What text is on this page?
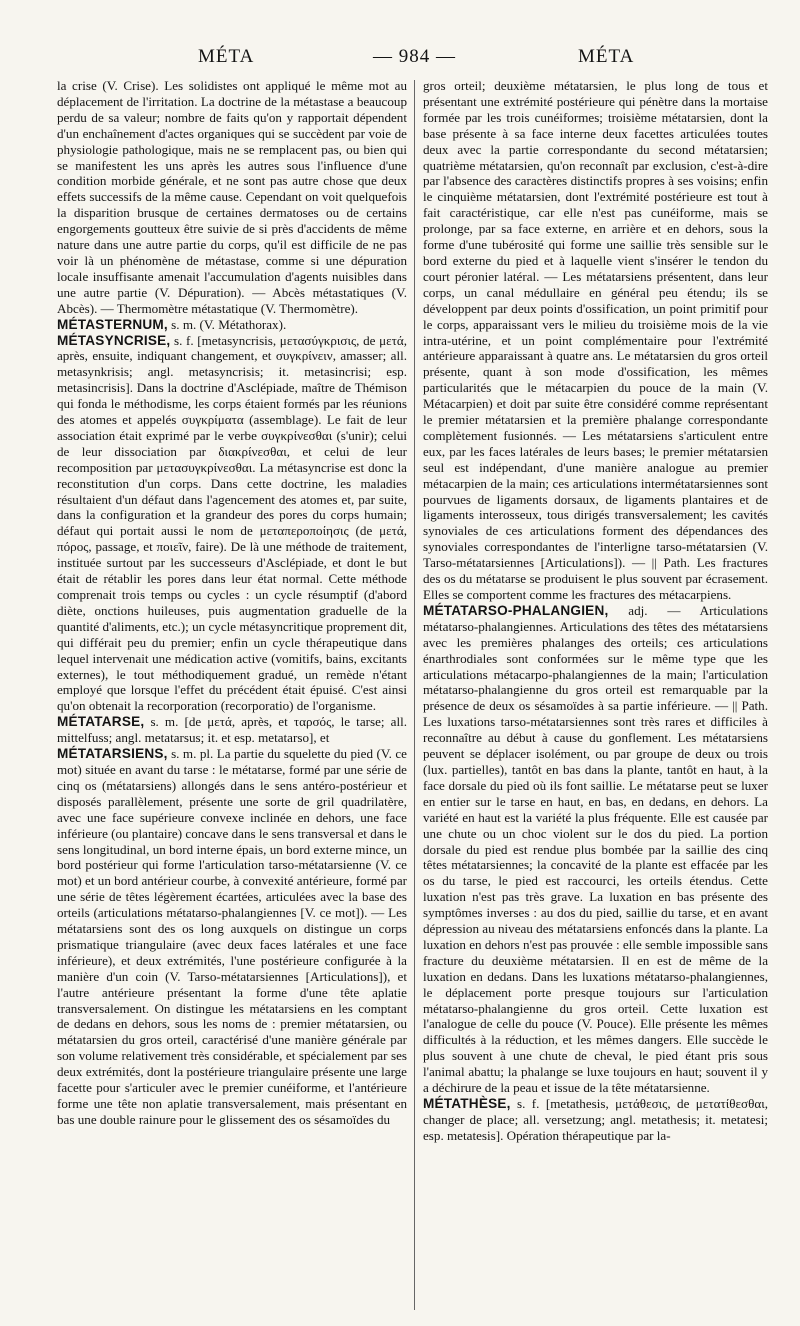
MÉTA	— 984 —	MÉTA

la crise (V. Crise). Les solidistes ont appliqué le même mot au déplacement de l'irritation. La doctrine de la métastase a beaucoup perdu de sa valeur; nombre de faits qu'on y rapportait dépendent d'un enchaînement d'actes organiques qui se succèdent par voie de physiologie pathologique, mais ne se remplacent pas, ou bien qui se manifestent les uns après les autres sous l'influence d'une condition morbide générale, et ne sont pas autre chose que deux effets successifs de la même cause. Cependant on voit quelquefois la disparition brusque de certaines dermatoses ou de certains engorgements goutteux être suivie de si près d'accidents de même nature dans une autre partie du corps, qu'il est difficile de ne pas voir là un phénomène de métastase, comme si une dépuration locale insuffisante amenait l'accumulation d'agents nuisibles dans une autre partie (V. Dépuration). — Abcès métastatiques (V. Abcès). — Thermomètre métastatique (V. Thermomètre).

MÉTASTERNUM, s. m. (V. Métathorax).

MÉTASYNCRISE, s. f. [metasyncrisis, μετασύγκρισις, de μετά, après, ensuite, indiquant changement, et συγκρίνειν, amasser; all. metasynkrisis; angl. metasyncrisis; it. metasincrisi; esp. metasincrisis]. Dans la doctrine d'Asclépiade, maître de Thémison qui fonda le méthodisme, les corps étaient formés par les réunions des atomes et appelés συγκρίματα (assemblage). Le fait de leur association était exprimé par le verbe συγκρίνεσθαι (s'unir); celui de leur dissociation par διακρίνεσθαι, et celui de leur recomposition par μετασυγκρίνεσθαι. La métasyncrise est donc la reconstitution d'un corps. Dans cette doctrine, les maladies résultaient d'un défaut dans l'agencement des atomes et, par suite, dans la configuration et la grandeur des pores du corps humain; défaut qui portait aussi le nom de μεταπεροποίησις (de μετά, πόρος, passage, et ποιεῖν, faire). De là une méthode de traitement, instituée surtout par les successeurs d'Asclépiade, et dont le but était de rétablir les pores dans leur état normal. Cette méthode comprenait trois temps ou cycles : un cycle résumptif (d'abord diète, onctions huileuses, puis augmentation graduelle de la quantité d'aliments, etc.); un cycle métasyncritique proprement dit, qui différait peu du premier; enfin un cycle thérapeutique dans lequel intervenait une médication active (vomitifs, bains, excitants externes), le tout méthodiquement gradué, un remède n'étant employé que lorsque l'effet du précédent était épuisé. C'est ainsi qu'on obtenait la recorporation (recorporatio) de l'organisme.

MÉTATARSE, s. m. [de μετά, après, et ταρσός, le tarse; all. mittelfuss; angl. metatarsus; it. et esp. metatarso], et

MÉTATARSIENS, s. m. pl. La partie du squelette du pied (V. ce mot) située en avant du tarse : le métatarse, formé par une série de cinq os (métatarsiens) allongés dans le sens antéro-postérieur et disposés parallèlement, présente une sorte de gril quadrilatère, avec une face supérieure convexe inclinée en dehors, une face inférieure (ou plantaire) concave dans le sens transversal et dans le sens longitudinal, un bord interne épais, un bord externe mince, un bord postérieur qui forme l'articulation tarso-métatarsienne (V. ce mot) et un bord antérieur courbe, à convexité antérieure, formé par une série de têtes légèrement écartées, articulées avec la base des orteils (articulations métatarso-phalangiennes [V. ce mot]). — Les métatarsiens sont des os long auxquels on distingue un corps prismatique triangulaire (avec deux faces latérales et une face inférieure), et deux extrémités, l'une postérieure configurée à la manière d'un coin (V. Tarso-métatarsiennes [Articulations]), et l'autre antérieure présentant la forme d'une tête aplatie transversalement. On distingue les métatarsiens en les comptant de dedans en dehors, sous les noms de : premier métatarsien, ou métatarsien du gros orteil, caractérisé d'une manière générale par son volume relativement très considérable, et spécialement par ses deux extrémités, dont la postérieure triangulaire présente une large facette pour s'articuler avec le premier cunéiforme, et l'antérieure forme une tête non aplatie transversalement, mais présentant en bas une double rainure pour le glissement des os sésamoïdes du

gros orteil; deuxième métatarsien, le plus long de tous et présentant une extrémité postérieure qui pénètre dans la mortaise formée par les trois cunéiformes; troisième métatarsien, dont la base présente à sa face interne deux facettes articulées toutes deux avec la partie correspondante du second métatarsien; quatrième métatarsien, qu'on reconnaît par exclusion, c'est-à-dire par l'absence des caractères distinctifs propres à ses voisins; enfin le cinquième métatarsien, dont l'extrémité postérieure est tout à fait caractéristique, car elle n'est pas cunéiforme, mais se prolonge, par sa face externe, en arrière et en dehors, sous la forme d'une tubérosité qui forme une saillie très sensible sur le bord externe du pied et à laquelle vient s'insérer le tendon du court péronier latéral. — Les métatarsiens présentent, dans leur corps, un canal médullaire en général peu étendu; ils se développent par deux points d'ossification, un point primitif pour le corps, apparaissant vers le milieu du troisième mois de la vie intra-utérine, et un point complémentaire pour l'extrémité antérieure apparaissant à quatre ans. Le métatarsien du gros orteil présente, quant à son mode d'ossification, les mêmes particularités que le métacarpien du pouce de la main (V. Métacarpien) et doit par suite être considéré comme représentant le premier métatarsien et la première phalange correspondante complètement fusionnés. — Les métatarsiens s'articulent entre eux, par les faces latérales de leurs bases; le premier métatarsien seul est indépendant, d'une manière analogue au premier métacarpien de la main; ces articulations intermétatarsiennes sont pourvues de ligaments dorsaux, de ligaments plantaires et de ligaments interosseux, tous dirigés transversalement; les cavités synoviales de ces articulations forment des dépendances des synoviales correspondantes de l'interligne tarso-métatarsien (V. Tarso-métatarsiennes [Articulations]). — || Path. Les fractures des os du métatarse se produisent le plus souvent par écrasement. Elles se comportent comme les fractures des métacarpiens.

MÉTATARSO-PHALANGIEN, adj. — Articulations métatarso-phalangiennes. Articulations des têtes des métatarsiens avec les premières phalanges des orteils; ces articulations énarthrodiales sont conformées sur le même type que les articulations métacarpo-phalangiennes de la main; l'articulation métatarso-phalangienne du gros orteil est remarquable par la présence de deux os sésamoïdes à sa partie inférieure. — || Path. Les luxations tarso-métatarsiennes sont très rares et difficiles à reconnaître au début à cause du gonflement. Les métatarsiens peuvent se déplacer isolément, ou par groupe de deux ou trois (lux. partielles), tantôt en bas dans la plante, tantôt en haut, à la face dorsale du pied où ils font saillie. Le métatarse peut se luxer en entier sur le tarse en haut, en bas, en dedans, en dehors. La variété en haut est la variété la plus fréquente. Elle est causée par une chute ou un choc violent sur le dos du pied. La portion dorsale du pied est rendue plus bombée par la saillie des cinq têtes métatarsiennes; la concavité de la plante est effacée par les os du tarse, le pied est raccourci, les orteils étendus. Cette luxation n'est pas très grave. La luxation en bas présente des symptômes inverses : au dos du pied, saillie du tarse, et en avant dépression au niveau des métatarsiens enfoncés dans la plante. La luxation en dehors n'est pas prouvée : elle semble impossible sans fracture du deuxième métatarsien. Il en est de même de la luxation en dedans. Dans les luxations métatarso-phalangiennes, le déplacement porte presque toujours sur l'articulation métatarso-phalangienne du gros orteil. Cette luxation est l'analogue de celle du pouce (V. Pouce). Elle présente les mêmes difficultés à la réduction, et les mêmes dangers. Elle succède le plus souvent à une chute de cheval, le pied étant pris sous l'animal abattu; la phalange se luxe toujours en haut; souvent il y a déchirure de la peau et issue de la tête métatarsienne.

MÉTATHÈSE, s. f. [metathesis, μετάθεσις, de μετατίθεσθαι, changer de place; all. versetzung; angl. metathesis; it. metatesi; esp. metatesis]. Opération thérapeutique par la-
